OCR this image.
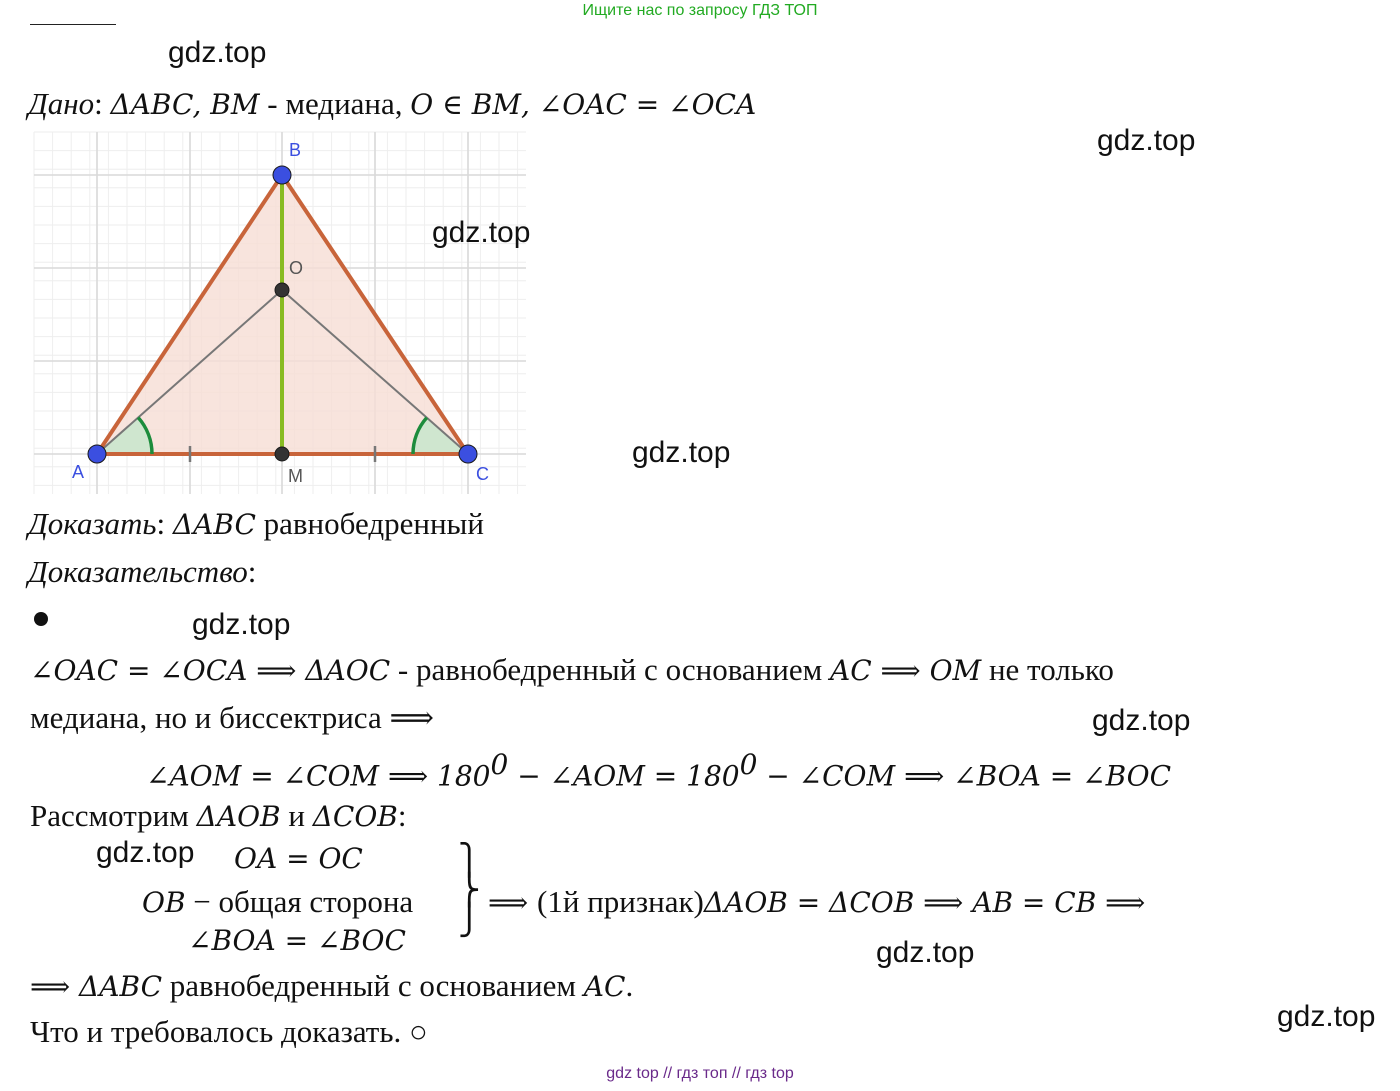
Ищите нас по запросу ГДЗ ТОП
gdz.top
Дано: ΔABC, BM - медиана, O ∈ BM, ∠OAC = ∠OCA
gdz.top
A
B
C
O
M
gdz.top
gdz.top
Доказать: ΔABC равнобедренный
Доказательство:
gdz.top
∠OAC = ∠OCA ⟹ ΔAOC - равнобедренный с основанием AC ⟹ OM не только
медиана, но и биссектриса ⟹	gdz.top
∠AOM = ∠COM ⟹ $180^0$ − ∠AOM = $180^0$ − ∠COM ⟹ ∠BOA = ∠BOC
Рассмотрим ΔAOB и ΔCOB:
gdz.top OA = OC
OB − общая сторона
∠BOA = ∠BOC
⎫
⎬
⎭
⟹ (1й признак)ΔAOB = ΔCOB ⟹ AB = CB ⟹
gdz.top
⟹ ΔABC равнобедренный с основанием AC.
Что и требовалось доказать. ○	gdz.top
gdz top // гдз топ // гдз top
